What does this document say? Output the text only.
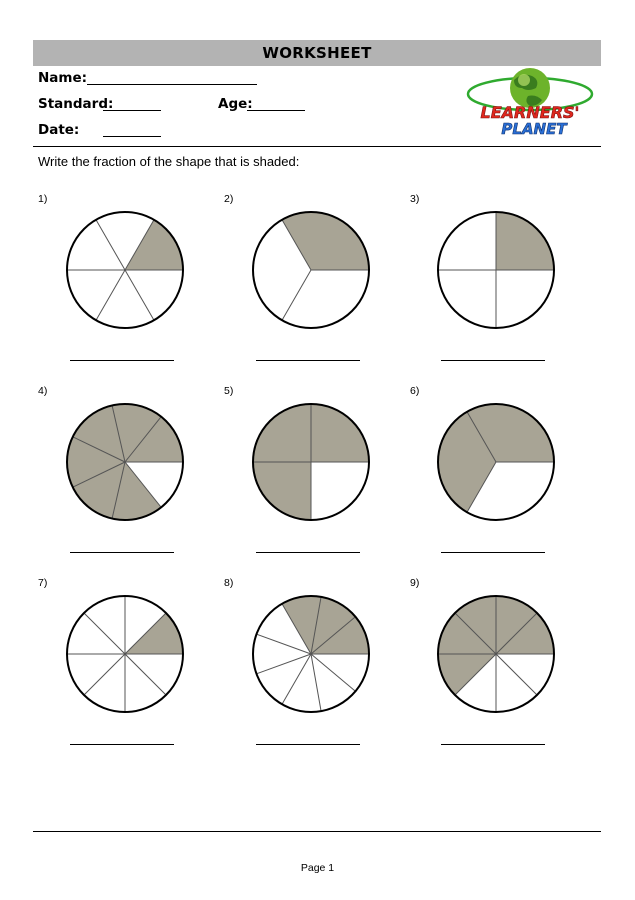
WORKSHEET
Name:
Standard:	Age:
Date:
LEARNERS'
PLANET
Write the fraction of the shape that is shaded:
1)	2)	3)
4)	5)	6)
7)	8)	9)
Page 1
